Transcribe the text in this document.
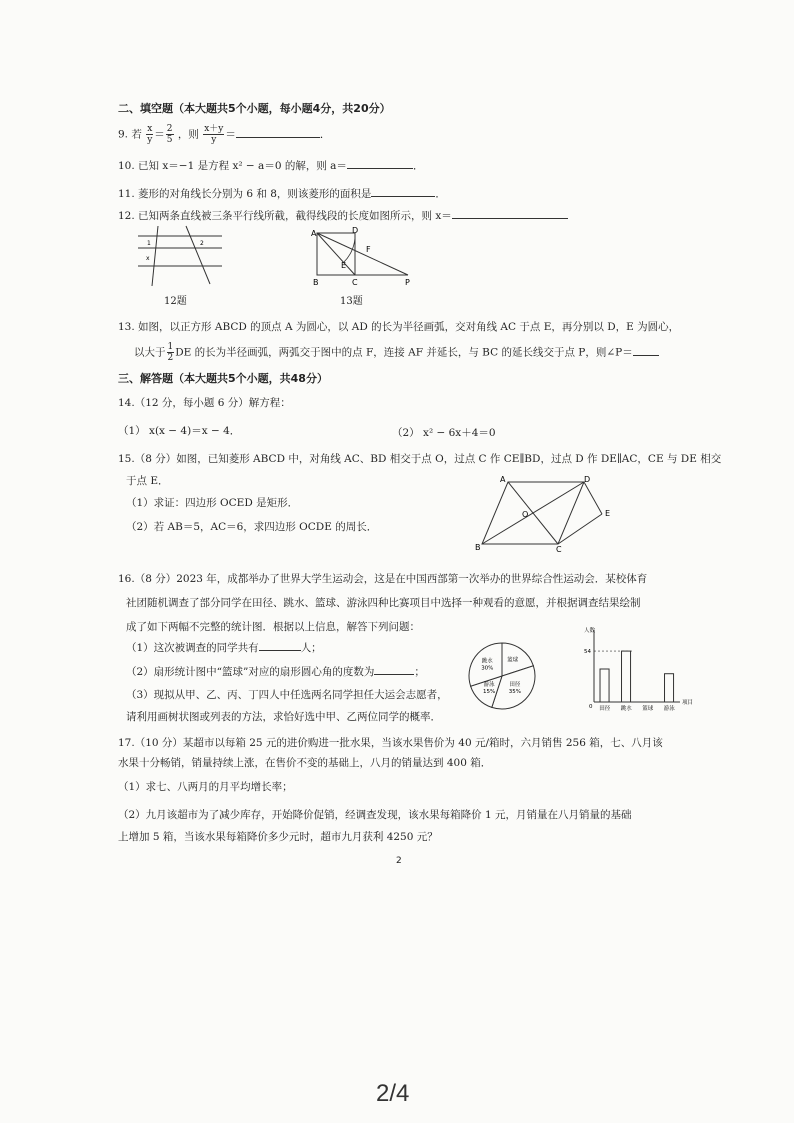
二、填空题（本大题共5个小题，每小题4分，共20分）
9. 若 $\frac{x}{y} = \frac{2}{5}$ ，则 $\frac{x+y}{y}$ ＝	．
10. 已知 x＝−1 是方程 x² − a＝0 的解，则 a＝	．
11. 菱形的对角线长分别为 6 和 8，则该菱形的面积是	．
12. 已知两条直线被三条平行线所截，截得线段的长度如图所示，则 x＝
1
x
2
12题
A	D
E
F
B	C	P
13题
13. 如图，以正方形 ABCD 的顶点 A 为圆心，以 AD 的长为半径画弧，交对角线 AC 于点 E，再分别以 D，E 为圆心，
以大于 $\frac{1}{2}$ DE 的长为半径画弧，两弧交于图中的点 F，连接 AF 并延长，与 BC 的延长线交于点 P，则∠P＝
三、解答题（本大题共5个小题，共48分）
14.（12 分，每小题 6 分）解方程：
（1） x(x − 4)＝x − 4．	（2） x² − 6x＋4＝0
15.（8 分）如图，已知菱形 ABCD 中，对角线 AC、BD 相交于点 O，过点 C 作 CE∥BD，过点 D 作 DE∥AC，CE 与 DE 相交
于点 E．
（1）求证：四边形 OCED 是矩形．
（2）若 AB＝5，AC＝6，求四边形 OCDE 的周长．
A	D
O	E
B	C
16.（8 分）2023 年，成都举办了世界大学生运动会，这是在中国西部第一次举办的世界综合性运动会．某校体育
社团随机调查了部分同学在田径、跳水、篮球、游泳四种比赛项目中选择一种观看的意愿，并根据调查结果绘制
成了如下两幅不完整的统计图．根据以上信息，解答下列问题：
（1）这次被调查的同学共有	人；
（2）扇形统计图中“篮球”对应的扇形圆心角的度数为	；
（3）现拟从甲、乙、丙、丁四人中任选两名同学担任大运会志愿者，
请利用画树状图或列表的方法，求恰好选中甲、乙两位同学的概率．
篮球
田径
35%
游泳
15%
跳水
30%
人数
项目
0
54
田径 跳水 篮球 游泳
17.（10 分）某超市以每箱 25 元的进价购进一批水果，当该水果售价为 40 元/箱时，六月销售 256 箱，七、八月该
水果十分畅销，销量持续上涨，在售价不变的基础上，八月的销量达到 400 箱．
（1）求七、八两月的月平均增长率；
（2）九月该超市为了减少库存，开始降价促销，经调查发现，该水果每箱降价 1 元，月销量在八月销量的基础
上增加 5 箱，当该水果每箱降价多少元时，超市九月获利 4250 元？
2
2/4
